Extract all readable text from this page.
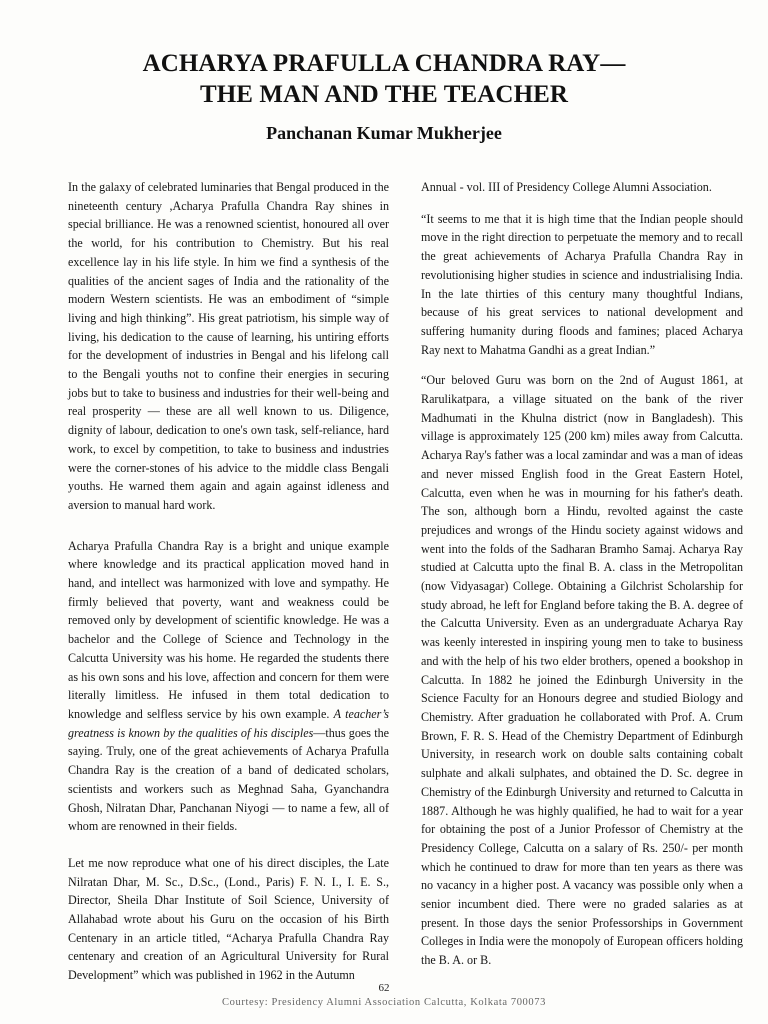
ACHARYA PRAFULLA CHANDRA RAY—
THE MAN AND THE TEACHER
Panchanan Kumar Mukherjee

In the galaxy of celebrated luminaries that Bengal produced in the nineteenth century ,Acharya Prafulla Chandra Ray shines in special brilliance. He was a renowned scientist, honoured all over the world, for his contribution to Chemistry. But his real excellence lay in his life style. In him we find a synthesis of the qualities of the ancient sages of India and the rationality of the modern Western scientists. He was an embodiment of “simple living and high thinking”. His great patriotism, his simple way of living, his dedication to the cause of learning, his untiring efforts for the development of industries in Bengal and his lifelong call to the Bengali youths not to confine their energies in securing jobs but to take to business and industries for their well-being and real prosperity — these are all well known to us. Diligence, dignity of labour, dedication to one's own task, self-reliance, hard work, to excel by competition, to take to business and industries were the corner-stones of his advice to the middle class Bengali youths. He warned them again and again against idleness and aversion to manual hard work.

Acharya Prafulla Chandra Ray is a bright and unique example where knowledge and its practical application moved hand in hand, and intellect was harmonized with love and sympathy. He firmly believed that poverty, want and weakness could be removed only by development of scientific knowledge. He was a bachelor and the College of Science and Technology in the Calcutta University was his home. He regarded the students there as his own sons and his love, affection and concern for them were literally limitless. He infused in them total dedication to knowledge and selfless service by his own example. A teacher’s greatness is known by the qualities of his disciples—thus goes the saying. Truly, one of the great achievements of Acharya Prafulla Chandra Ray is the creation of a band of dedicated scholars, scientists and workers such as Meghnad Saha, Gyanchandra Ghosh, Nilratan Dhar, Panchanan Niyogi — to name a few, all of whom are renowned in their fields.

Let me now reproduce what one of his direct disciples, the Late Nilratan Dhar, M. Sc., D.Sc., (Lond., Paris) F. N. I., I. E. S., Director, Sheila Dhar Institute of Soil Science, University of Allahabad wrote about his Guru on the occasion of his Birth Centenary in an article titled, “Acharya Prafulla Chandra Ray centenary and creation of an Agricultural University for Rural Development” which was published in 1962 in the Autumn

Annual - vol. III of Presidency College Alumni Association.

“It seems to me that it is high time that the Indian people should move in the right direction to perpetuate the memory and to recall the great achievements of Acharya Prafulla Chandra Ray in revolutionising higher studies in science and industrialising India. In the late thirties of this century many thoughtful Indians, because of his great services to national development and suffering humanity during floods and famines; placed Acharya Ray next to Mahatma Gandhi as a great Indian.”

“Our beloved Guru was born on the 2nd of August 1861, at Rarulikatpara, a village situated on the bank of the river Madhumati in the Khulna district (now in Bangladesh). This village is approximately 125 (200 km) miles away from Calcutta. Acharya Ray's father was a local zamindar and was a man of ideas and never missed English food in the Great Eastern Hotel, Calcutta, even when he was in mourning for his father's death. The son, although born a Hindu, revolted against the caste prejudices and wrongs of the Hindu society against widows and went into the folds of the Sadharan Bramho Samaj. Acharya Ray studied at Calcutta upto the final B. A. class in the Metropolitan (now Vidyasagar) College. Obtaining a Gilchrist Scholarship for study abroad, he left for England before taking the B. A. degree of the Calcutta University. Even as an undergraduate Acharya Ray was keenly interested in inspiring young men to take to business and with the help of his two elder brothers, opened a bookshop in Calcutta. In 1882 he joined the Edinburgh University in the Science Faculty for an Honours degree and studied Biology and Chemistry. After graduation he collaborated with Prof. A. Crum Brown, F. R. S. Head of the Chemistry Department of Edinburgh University, in research work on double salts containing cobalt sulphate and alkali sulphates, and obtained the D. Sc. degree in Chemistry of the Edinburgh University and returned to Calcutta in 1887. Although he was highly qualified, he had to wait for a year for obtaining the post of a Junior Professor of Chemistry at the Presidency College, Calcutta on a salary of Rs. 250/- per month which he continued to draw for more than ten years as there was no vacancy in a higher post. A vacancy was possible only when a senior incumbent died. There were no graded salaries as at present. In those days the senior Professorships in Government Colleges in India were the monopoly of European officers holding the B. A. or B.

62
Courtesy: Presidency Alumni Association Calcutta, Kolkata 700073
